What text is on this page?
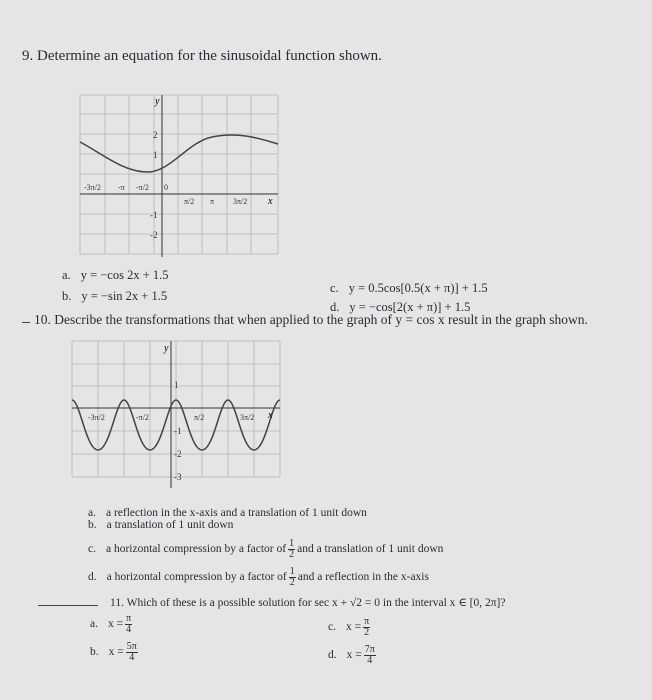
9. Determine an equation for the sinusoidal function shown.
y
x
2
1
-1
-2
-3π/2 -π -π/2 0
π/2 π 3π/2
a. y = −cos 2x + 1.5
b. y = −sin 2x + 1.5
c. y = 0.5cos[0.5(x + π)] + 1.5
d. y = −cos[2(x + π)] + 1.5
10. Describe the transformations that when applied to the graph of y = cos x result in the graph shown.
y
x
1
-1
-2
-3
-3π/2	-π/2	π/2	3π/2
a. a reflection in the x-axis and a translation of 1 unit down
b. a translation of 1 unit down
c. a horizontal compression by a factor of $\frac{1}{2}$ and a translation of 1 unit down
d. a horizontal compression by a factor of $\frac{1}{2}$ and a reflection in the x-axis
11. Which of these is a possible solution for sec x + √2 = 0 in the interval x ∈ [0, 2π]?
a. $x = \frac{\pi}{4}$
b. $x = \frac{5\pi}{4}$
c. $x = \frac{\pi}{2}$
d. $x = \frac{7\pi}{4}$
